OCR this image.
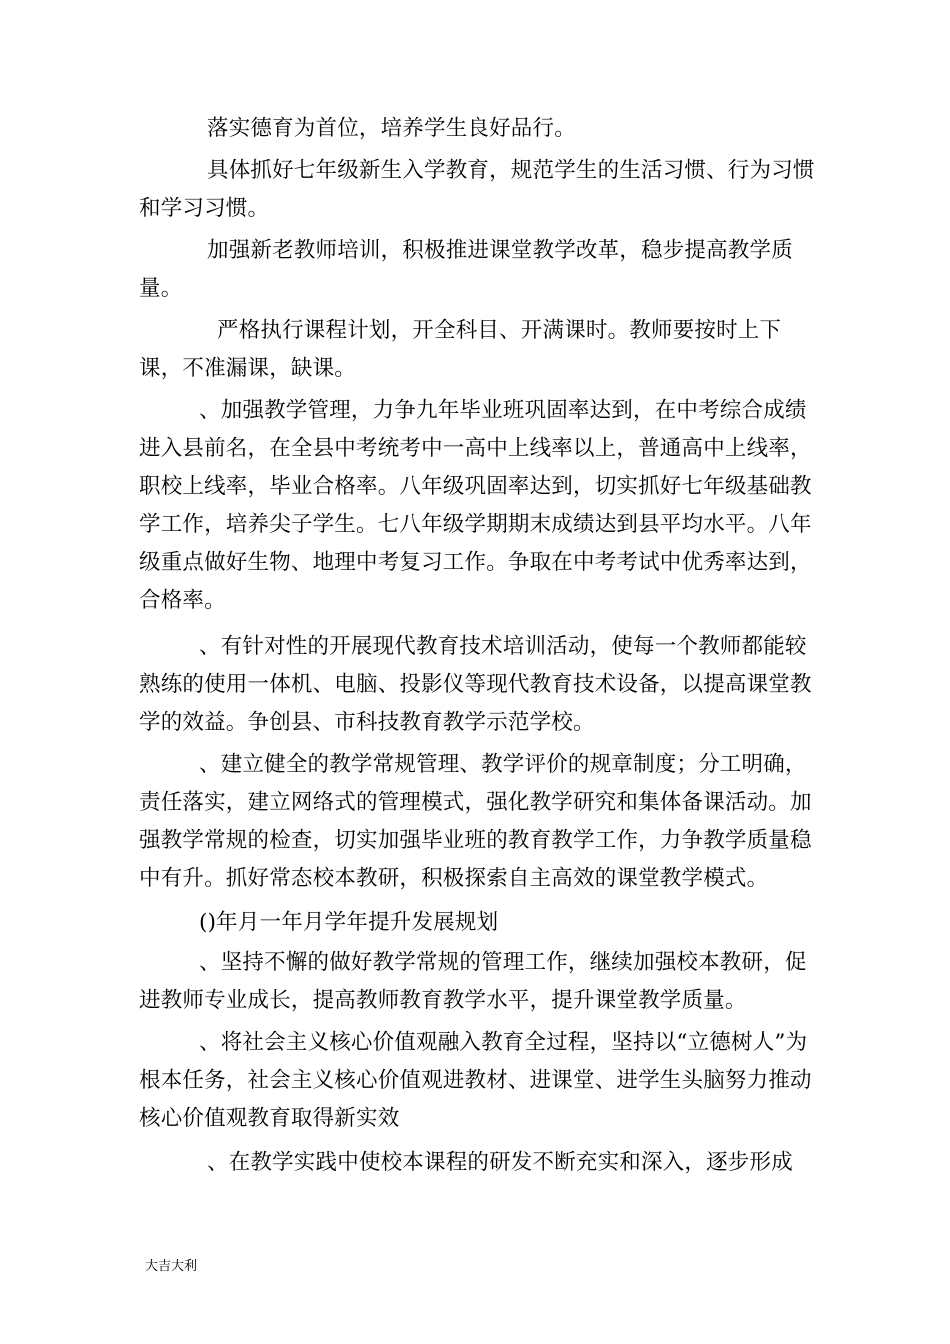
落实德育为首位，培养学生良好品行。

具体抓好七年级新生入学教育，规范学生的生活习惯、行为习惯和学习习惯。

加强新老教师培训，积极推进课堂教学改革，稳步提高教学质量。

严格执行课程计划，开全科目、开满课时。教师要按时上下课，不准漏课，缺课。

、加强教学管理，力争九年毕业班巩固率达到，在中考综合成绩进入县前名，在全县中考统考中一高中上线率以上，普通高中上线率，职校上线率，毕业合格率。八年级巩固率达到，切实抓好七年级基础教学工作，培养尖子学生。七八年级学期期末成绩达到县平均水平。八年级重点做好生物、地理中考复习工作。争取在中考考试中优秀率达到，合格率。

、有针对性的开展现代教育技术培训活动，使每一个教师都能较熟练的使用一体机、电脑、投影仪等现代教育技术设备，以提高课堂教学的效益。争创县、市科技教育教学示范学校。

、建立健全的教学常规管理、教学评价的规章制度；分工明确，责任落实，建立网络式的管理模式，强化教学研究和集体备课活动。加强教学常规的检查，切实加强毕业班的教育教学工作，力争教学质量稳中有升。抓好常态校本教研，积极探索自主高效的课堂教学模式。

()年月一年月学年提升发展规划

、坚持不懈的做好教学常规的管理工作，继续加强校本教研，促进教师专业成长，提高教师教育教学水平，提升课堂教学质量。

、将社会主义核心价值观融入教育全过程，坚持以“立德树人”为根本任务，社会主义核心价值观进教材、进课堂、进学生头脑努力推动核心价值观教育取得新实效

、在教学实践中使校本课程的研发不断充实和深入，逐步形成

大吉大利
